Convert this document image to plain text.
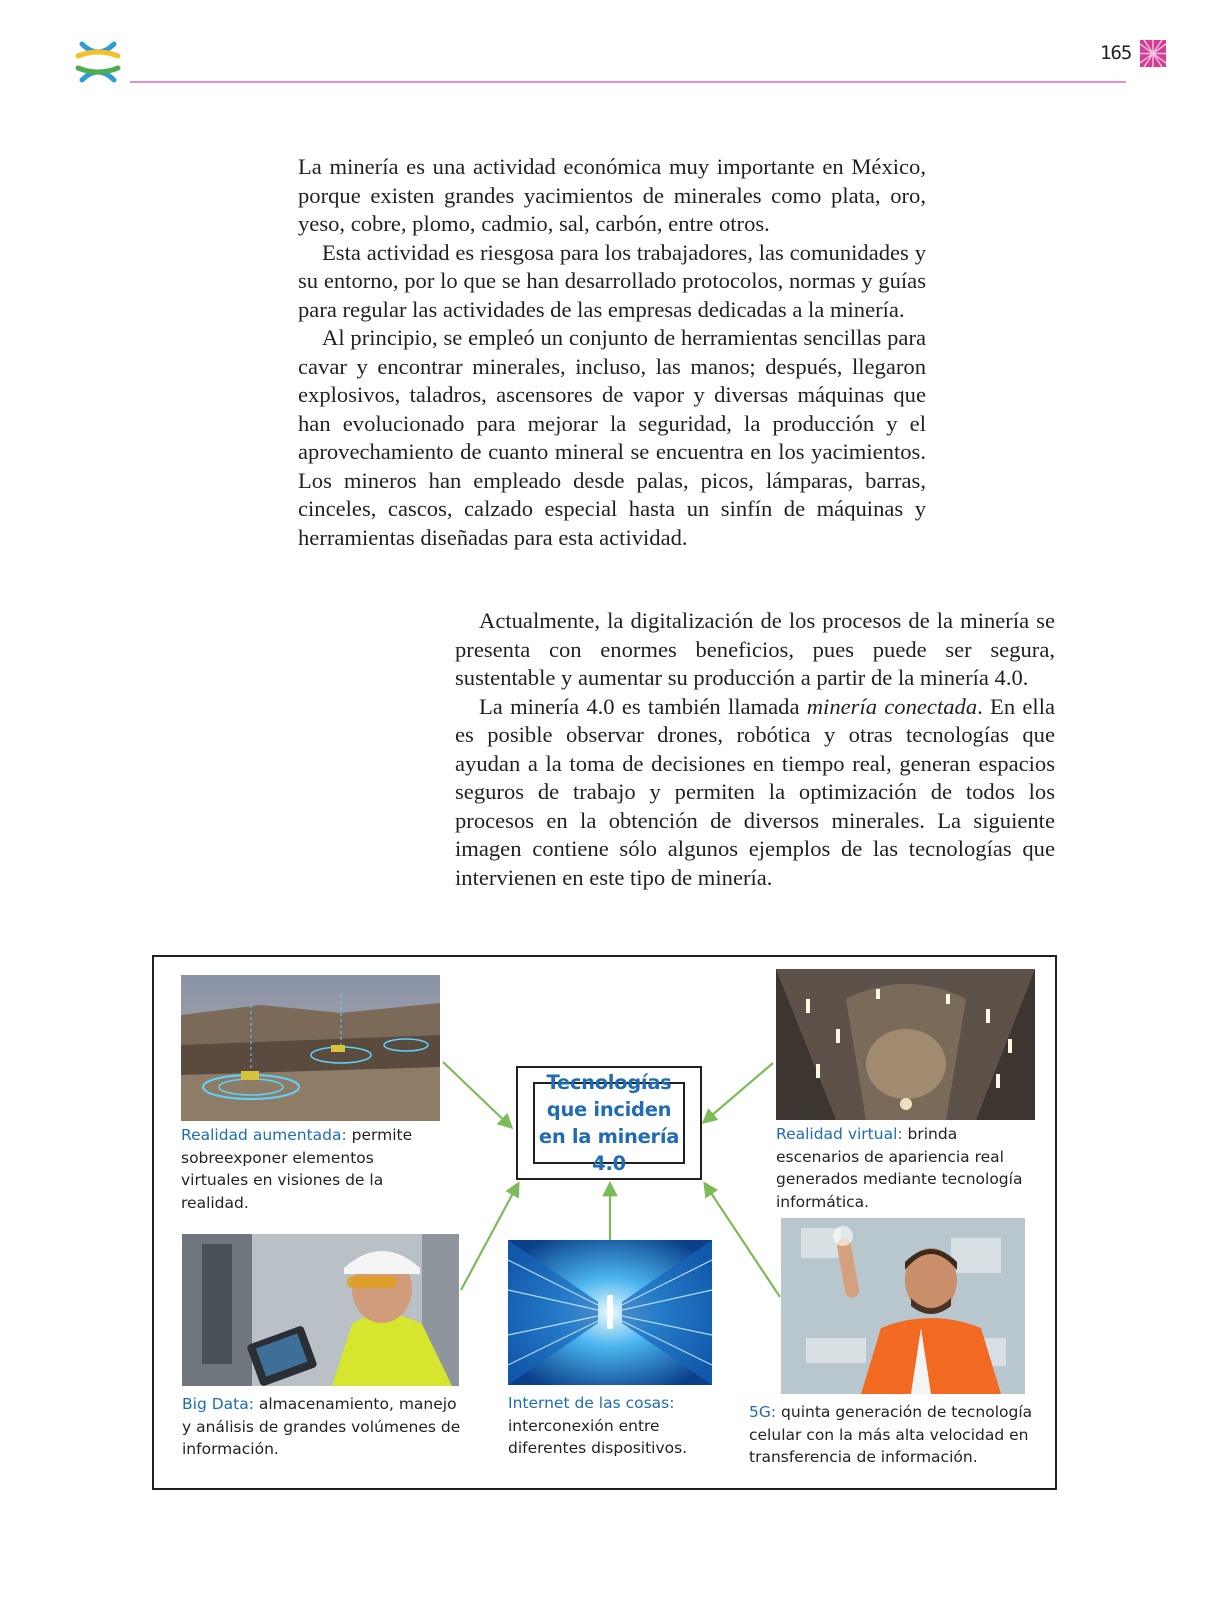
165

La minería es una actividad económica muy importante en México, porque existen grandes yacimientos de minerales como plata, oro, yeso, cobre, plomo, cadmio, sal, carbón, entre otros.

Esta actividad es riesgosa para los trabajadores, las comunidades y su entorno, por lo que se han desarrollado protocolos, normas y guías para regular las actividades de las empresas dedicadas a la minería.

Al principio, se empleó un conjunto de herramientas sencillas para cavar y encontrar minerales, incluso, las manos; después, llegaron explosivos, taladros, ascensores de vapor y diversas máquinas que han evolucionado para mejorar la seguridad, la producción y el aprovechamiento de cuanto mineral se encuentra en los yacimientos. Los mineros han empleado desde palas, picos, lámparas, barras, cinceles, cascos, calzado especial hasta un sinfín de máquinas y herramientas diseñadas para esta actividad.

Actualmente, la digitalización de los procesos de la minería se presenta con enormes beneficios, pues puede ser segura, sustentable y aumentar su producción a partir de la minería 4.0.

La minería 4.0 es también llamada minería conectada. En ella es posible observar drones, robótica y otras tecnologías que ayudan a la toma de decisiones en tiempo real, generan espacios seguros de trabajo y permiten la optimización de todos los procesos en la obtención de diversos minerales. La siguiente imagen contiene sólo algunos ejemplos de las tecnologías que intervienen en este tipo de minería.

Realidad aumentada: permite sobreexponer elementos virtuales en visiones de la realidad.
Realidad virtual: brinda escenarios de apariencia real generados mediante tecnología informática.
Big Data: almacenamiento, manejo y análisis de grandes volúmenes de información.
Internet de las cosas: interconexión entre diferentes dispositivos.
5G: quinta generación de tecnología celular con la más alta velocidad en transferencia de información.
Tecnologías que inciden en la minería 4.0
